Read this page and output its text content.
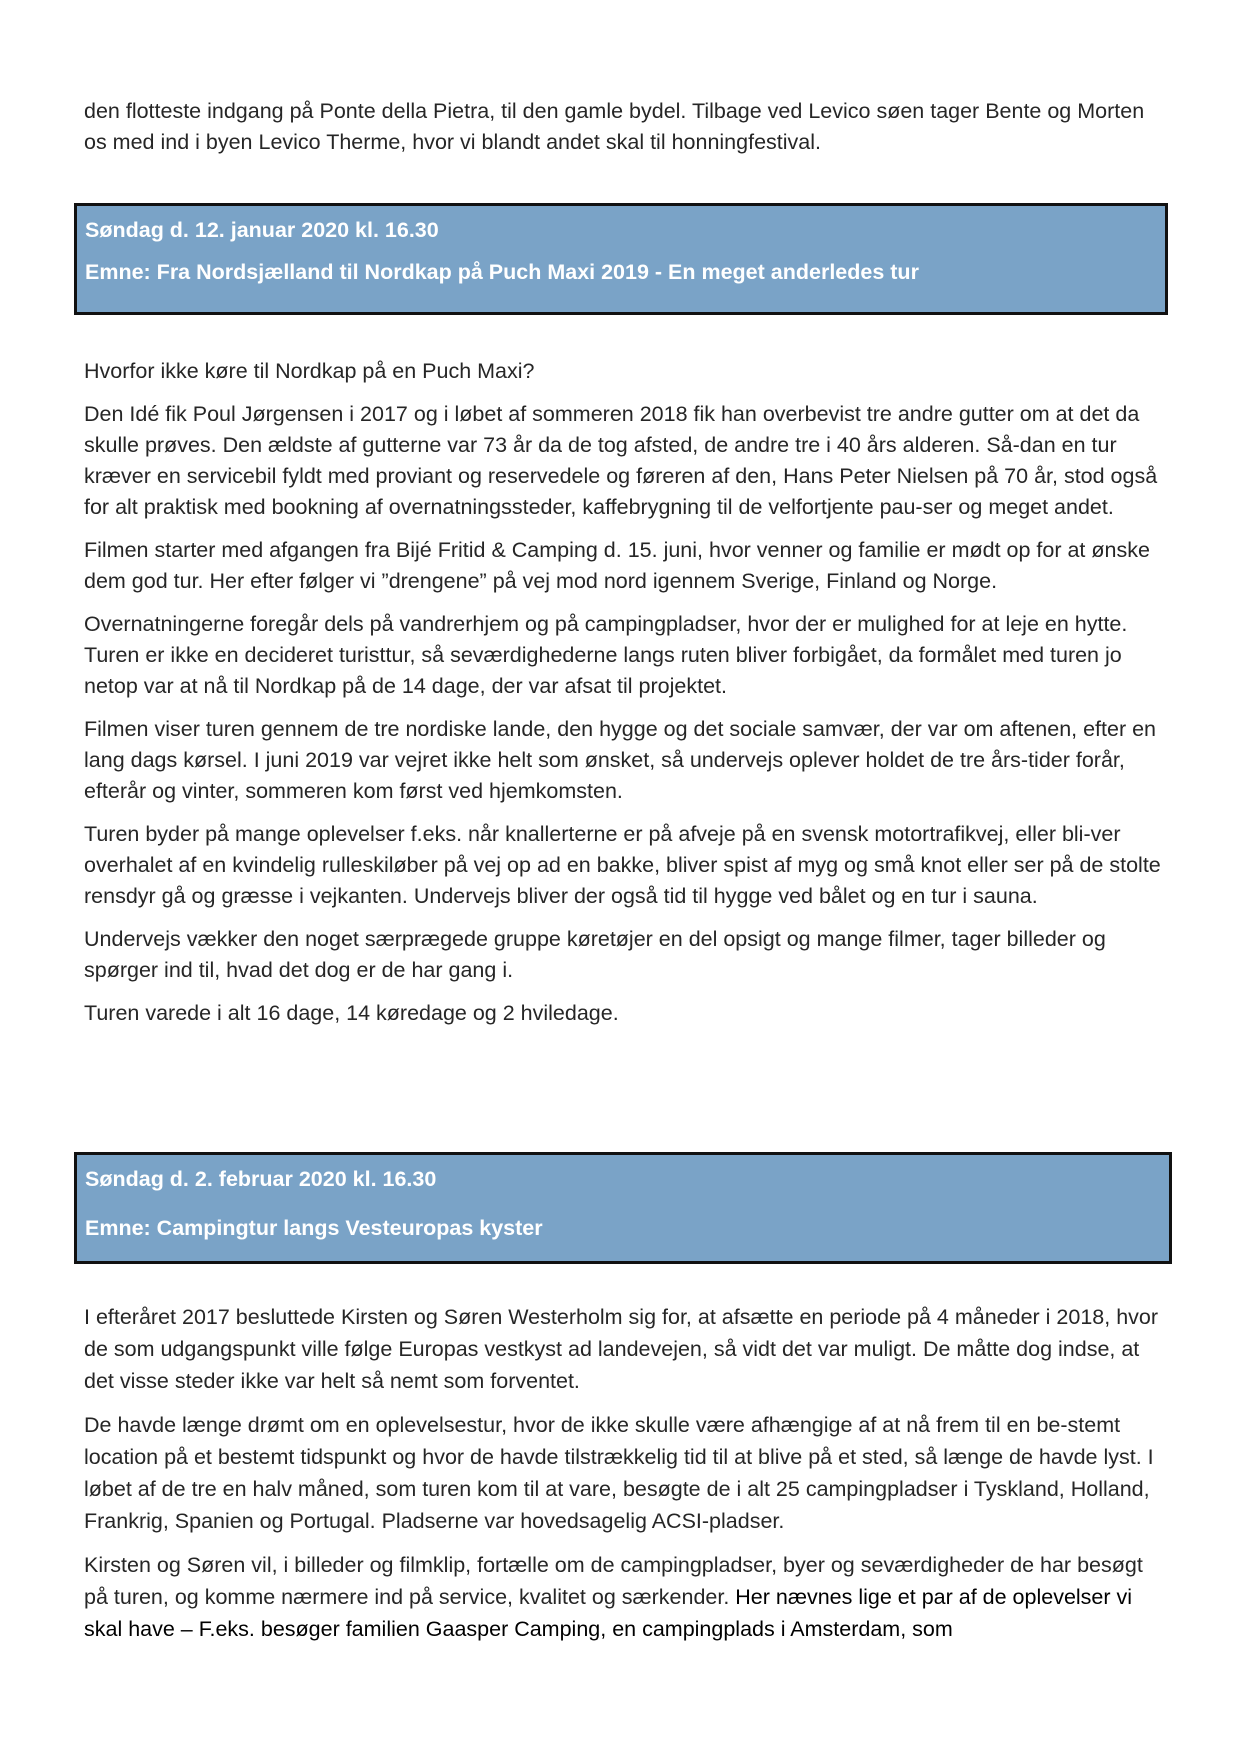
den flotteste indgang på Ponte della Pietra, til den gamle bydel. Tilbage ved Levico søen tager Bente og Morten os med ind i byen Levico Therme, hvor vi blandt andet skal til honningfestival.

Søndag d. 12. januar 2020 kl. 16.30
Emne: Fra Nordsjælland til Nordkap på Puch Maxi 2019 - En meget anderledes tur

Hvorfor ikke køre til Nordkap på en Puch Maxi?

Den Idé fik Poul Jørgensen i 2017 og i løbet af sommeren 2018 fik han overbevist tre andre gutter om at det da skulle prøves. Den ældste af gutterne var 73 år da de tog afsted, de andre tre i 40 års alderen. Så-dan en tur kræver en servicebil fyldt med proviant og reservedele og føreren af den, Hans Peter Nielsen på 70 år, stod også for alt praktisk med bookning af overnatningssteder, kaffebrygning til de velfortjente pau-ser og meget andet.

Filmen starter med afgangen fra Bijé Fritid & Camping d. 15. juni, hvor venner og familie er mødt op for at ønske dem god tur. Her efter følger vi ”drengene” på vej mod nord igennem Sverige, Finland og Norge.

Overnatningerne foregår dels på vandrerhjem og på campingpladser, hvor der er mulighed for at leje en hytte. Turen er ikke en decideret turisttur, så seværdighederne langs ruten bliver forbigået, da formålet med turen jo netop var at nå til Nordkap på de 14 dage, der var afsat til projektet.

Filmen viser turen gennem de tre nordiske lande, den hygge og det sociale samvær, der var om aftenen, efter en lang dags kørsel. I juni 2019 var vejret ikke helt som ønsket, så undervejs oplever holdet de tre års-tider forår, efterår og vinter, sommeren kom først ved hjemkomsten.

Turen byder på mange oplevelser f.eks. når knallerterne er på afveje på en svensk motortrafikvej, eller bli-ver overhalet af en kvindelig rulleskiløber på vej op ad en bakke, bliver spist af myg og små knot eller ser på de stolte rensdyr gå og græsse i vejkanten. Undervejs bliver der også tid til hygge ved bålet og en tur i sauna.

Undervejs vækker den noget særprægede gruppe køretøjer en del opsigt og mange filmer, tager billeder og spørger ind til, hvad det dog er de har gang i.

Turen varede i alt 16 dage, 14 køredage og 2 hviledage.

Søndag d. 2. februar 2020 kl. 16.30
Emne: Campingtur langs Vesteuropas kyster

I efteråret 2017 besluttede Kirsten og Søren Westerholm sig for, at afsætte en periode på 4 måneder i 2018, hvor de som udgangspunkt ville følge Europas vestkyst ad landevejen, så vidt det var muligt. De måtte dog indse, at det visse steder ikke var helt så nemt som forventet.

De havde længe drømt om en oplevelsestur, hvor de ikke skulle være afhængige af at nå frem til en be-stemt location på et bestemt tidspunkt og hvor de havde tilstrækkelig tid til at blive på et sted, så længe de havde lyst. I løbet af de tre en halv måned, som turen kom til at vare, besøgte de i alt 25 campingpladser i Tyskland, Holland, Frankrig, Spanien og Portugal. Pladserne var hovedsagelig ACSI-pladser.

Kirsten og Søren vil, i billeder og filmklip, fortælle om de campingpladser, byer og seværdigheder de har besøgt på turen, og komme nærmere ind på service, kvalitet og særkender. Her nævnes lige et par af de oplevelser vi skal have – F.eks. besøger familien Gaasper Camping, en campingplads i Amsterdam, som
